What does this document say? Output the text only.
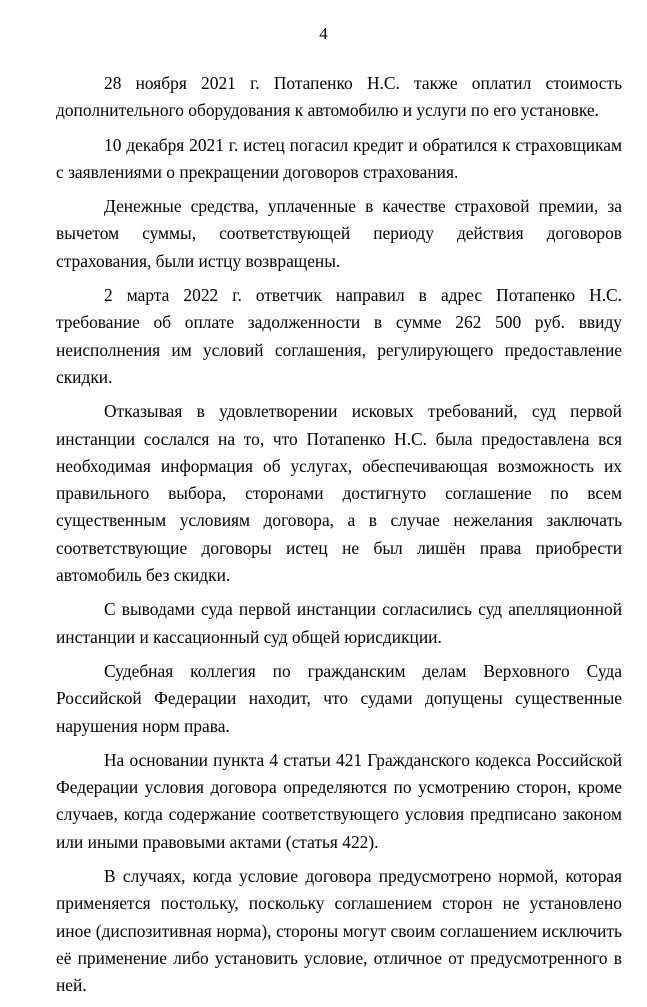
4

28 ноября 2021 г. Потапенко Н.С. также оплатил стоимость дополнительного оборудования к автомобилю и услуги по его установке.

10 декабря 2021 г. истец погасил кредит и обратился к страховщикам с заявлениями о прекращении договоров страхования.

Денежные средства, уплаченные в качестве страховой премии, за вычетом суммы, соответствующей периоду действия договоров страхования, были истцу возвращены.

2 марта 2022 г. ответчик направил в адрес Потапенко Н.С. требование об оплате задолженности в сумме 262 500 руб. ввиду неисполнения им условий соглашения, регулирующего предоставление скидки.

Отказывая в удовлетворении исковых требований, суд первой инстанции сослался на то, что Потапенко Н.С. была предоставлена вся необходимая информация об услугах, обеспечивающая возможность их правильного выбора, сторонами достигнуто соглашение по всем существенным условиям договора, а в случае нежелания заключать соответствующие договоры истец не был лишён права приобрести автомобиль без скидки.

С выводами суда первой инстанции согласились суд апелляционной инстанции и кассационный суд общей юрисдикции.

Судебная коллегия по гражданским делам Верховного Суда Российской Федерации находит, что судами допущены существенные нарушения норм права.

На основании пункта 4 статьи 421 Гражданского кодекса Российской Федерации условия договора определяются по усмотрению сторон, кроме случаев, когда содержание соответствующего условия предписано законом или иными правовыми актами (статья 422).

В случаях, когда условие договора предусмотрено нормой, которая применяется постольку, поскольку соглашением сторон не установлено иное (диспозитивная норма), стороны могут своим соглашением исключить её применение либо установить условие, отличное от предусмотренного в ней.
